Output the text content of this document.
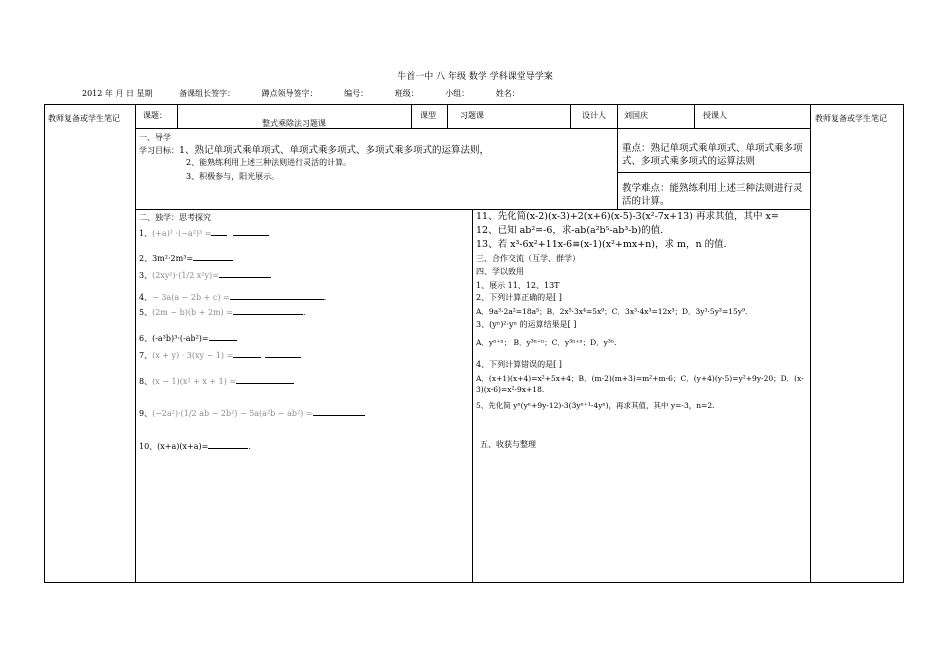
牛首一中 八 年级 数学 学科课堂导学案
2012 年 月 日 星期	备课组长签字：	蹲点领导签字：	编号：	班级：	小组：	姓名：
教师复备或学生笔记	教师复备或学生笔记
课题：
整式乘除法习题课
课型	习题课	设计人 刘国庆	授课人
一、导学
学习目标：1、熟记单项式乘单项式、单项式乘多项式、多项式乘多项式的运算法则，
2、能熟练利用上述三种法则进行灵活的计算。
3、积极参与，阳光展示。
重点：熟记单项式乘单项式、单项式乘多项式、多项式乘多项式的运算法则
教学难点：能熟练利用上述三种法则进行灵活的计算。
二、独学：思考探究
1、(+a)² ·(−a²)³ =
2、3m²·2m³=
3、(2xy²)·(1/2 x²y)=
4、− 3a(a − 2b + c) =	.
5、(2m − b)(b + 2m) =	.
6、(-a³b)³·(-ab²)=
7、(x + y) · 3(xy − 1) =
8、(x − 1)(x² + x + 1) =
9、(−2a²)·(1/2 ab − 2b²) − 5a(a²b − ab²) =
10、(x+a)(x+a)=	.
11、先化简(x-2)(x-3)+2(x+6)(x-5)-3(x²-7x+13) 再求其值，其中 x=
12、已知 ab²=-6，求-ab(a²b⁵-ab³-b)的值.
13、若 x³-6x²+11x-6≡(x-1)(x²+mx+n)，求 m，n 的值.
三、合作交流（互学、群学）
四、学以致用
1、展示 11、12、13T
2、下列计算正确的是[ ]
A．9a³·2a²=18a⁵；B．2x⁵·3x⁴=5x⁹；C．3x³·4x³=12x³；D．3y³·5y³=15y⁹.
3、(yⁿ)²·yⁿ 的运算结果是[ ]
A．yⁿ⁺ⁿ； B．y³ⁿ⁺ⁿ；C．y³ⁿ⁺ⁿ；D．y³ⁿ.
4、下列计算错误的是[ ]
A．(x+1)(x+4)=x²+5x+4；B．(m-2)(m+3)=m²+m-6；C．(y+4)(y-5)=y²+9y-20；D．(x-3)(x-6)=x²-9x+18.
5、先化简 yⁿ(yⁿ+9y-12)-3(3yⁿ⁺¹-4yⁿ)，再求其值，其中 y=-3，n=2.
五、收获与整理
